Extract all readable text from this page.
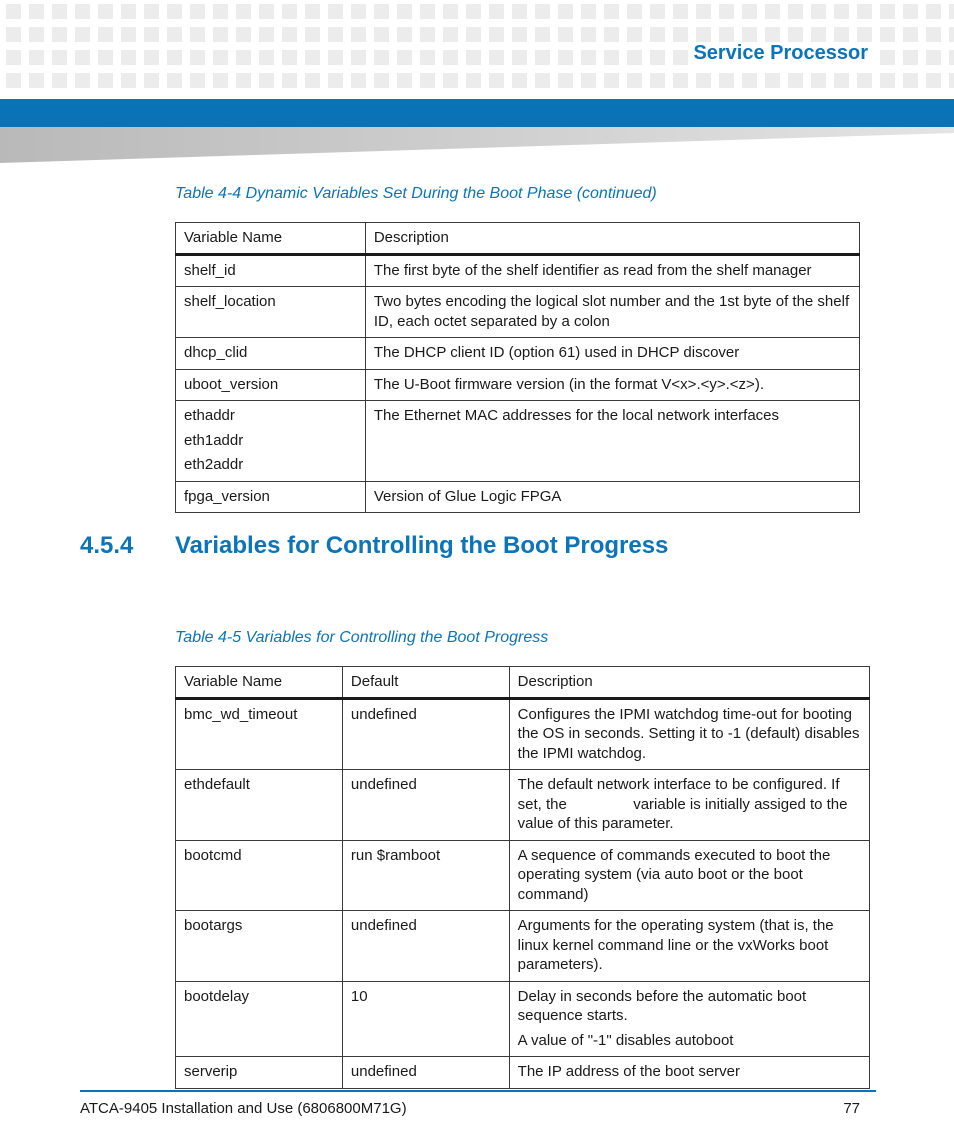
Service Processor
Table 4-4 Dynamic Variables Set During the Boot Phase (continued)
Variable Name	Description

shelf_id	The first byte of the shelf identifier as read from the shelf manager

shelf_location	Two bytes encoding the logical slot number and the 1st byte of the shelf ID, each octet separated by a colon

dhcp_clid	The DHCP client ID (option 61) used in DHCP discover

uboot_version	The U-Boot firmware version (in the format V<x>.<y>.<z>).

ethaddr
eth1addr
eth2addr	The Ethernet MAC addresses for the local network interfaces

fpga_version	Version of Glue Logic FPGA
4.5.4 Variables for Controlling the Boot Progress
Table 4-5 Variables for Controlling the Boot Progress
Variable Name	Default	Description
bmc_wd_timeout	undefined	Configures the IPMI watchdog time-out for booting the OS in seconds. Setting it to -1 (default) disables the IPMI watchdog.

ethdefault	undefined	The default network interface to be configured. If set, the variable is initially assiged to the value of this parameter.
bootcmd	run $ramboot	A sequence of commands executed to boot the operating system (via auto boot or the boot command)

bootargs	undefined	Arguments for the operating system (that is, the linux kernel command line or the vxWorks boot parameters).

bootdelay	10	Delay in seconds before the automatic boot sequence starts.
A value of "-1" disables autoboot

serverip	undefined	The IP address of the boot server
ATCA-9405 Installation and Use (6806800M71G)	77
